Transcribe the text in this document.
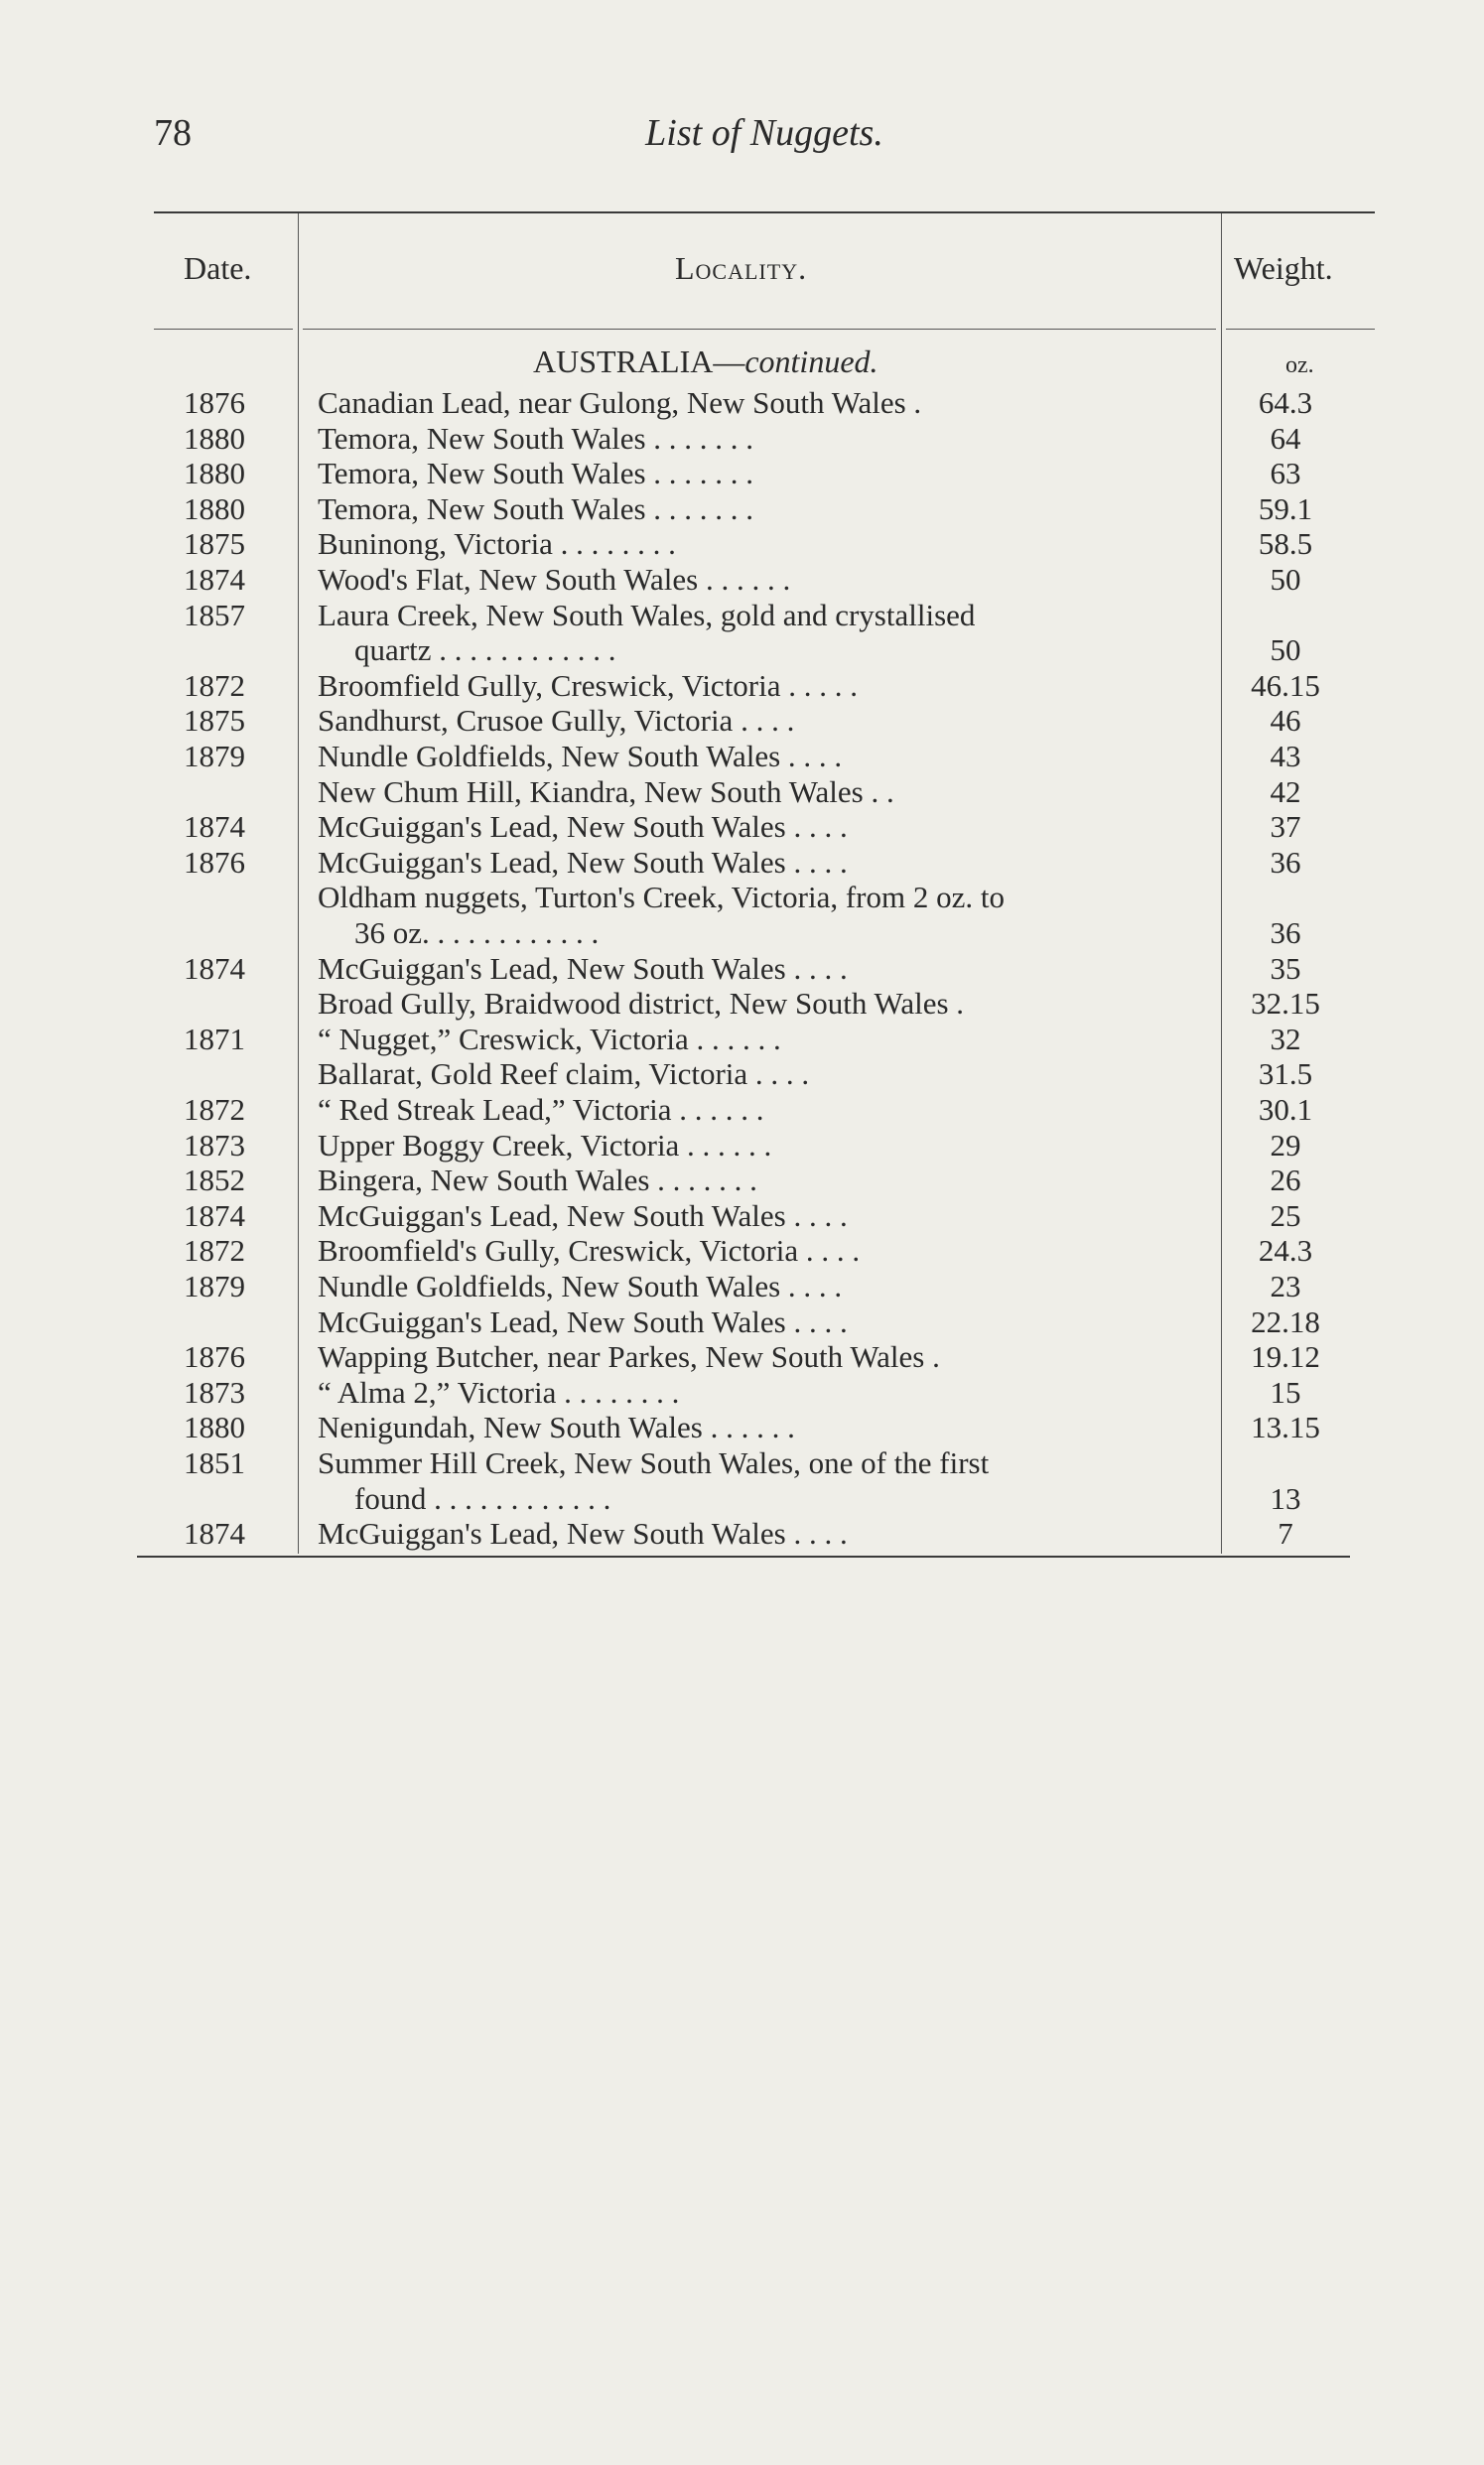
78	List of Nuggets.
Date.	Locality.	Weight.
AUSTRALIA—continued.	oz.
1876 Canadian Lead, near Gulong, New South Wales .	64.3
1880 Temora, New South Wales . . . . . . .	64
1880 Temora, New South Wales . . . . . . .	63
1880 Temora, New South Wales . . . . . . .	59.1
1875 Buninong, Victoria . . . . . . . .	58.5
1874 Wood's Flat, New South Wales . . . . . .	50
1857 Laura Creek, New South Wales, gold and crystallised
quartz . . . . . . . . . . . .	50
1872 Broomfield Gully, Creswick, Victoria . . . . .	46.15
1875 Sandhurst, Crusoe Gully, Victoria . . . .	46
1879 Nundle Goldfields, New South Wales . . . .	43
New Chum Hill, Kiandra, New South Wales . .	42
1874 McGuiggan's Lead, New South Wales . . . .	37
1876 McGuiggan's Lead, New South Wales . . . .	36
Oldham nuggets, Turton's Creek, Victoria, from 2 oz. to
36 oz. . . . . . . . . . . .	36
1874 McGuiggan's Lead, New South Wales . . . .	35
Broad Gully, Braidwood district, New South Wales .	32.15
1871 “ Nugget,” Creswick, Victoria . . . . . .	32
Ballarat, Gold Reef claim, Victoria . . . .	31.5
1872 “ Red Streak Lead,” Victoria . . . . . .	30.1
1873 Upper Boggy Creek, Victoria . . . . . .	29
1852 Bingera, New South Wales . . . . . . .	26
1874 McGuiggan's Lead, New South Wales . . . .	25
1872 Broomfield's Gully, Creswick, Victoria . . . .	24.3
1879 Nundle Goldfields, New South Wales . . . .	23
McGuiggan's Lead, New South Wales . . . .	22.18
1876 Wapping Butcher, near Parkes, New South Wales .	19.12
1873 “ Alma 2,” Victoria . . . . . . . .	15
1880 Nenigundah, New South Wales . . . . . .	13.15
1851 Summer Hill Creek, New South Wales, one of the first
found . . . . . . . . . . . .	13
1874 McGuiggan's Lead, New South Wales . . . .	7
